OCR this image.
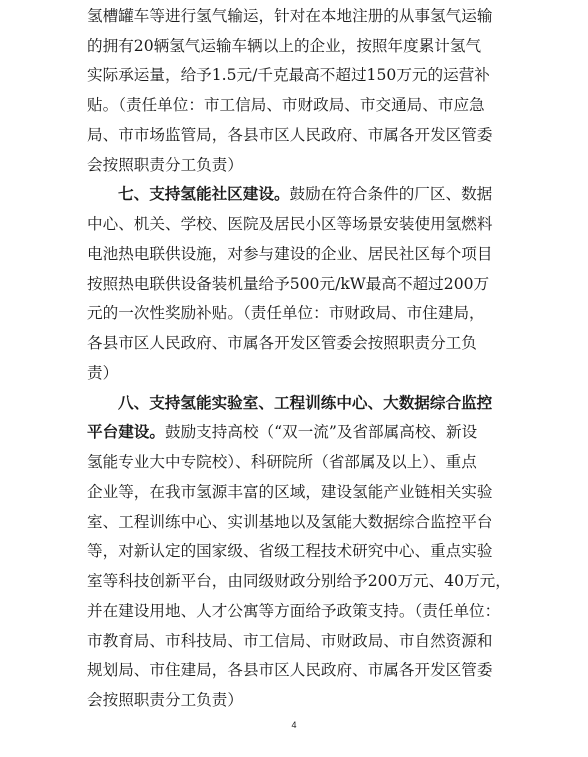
氢槽罐车等进行氢气输运，针对在本地注册的从事氢气运输
的拥有20辆氢气运输车辆以上的企业，按照年度累计氢气
实际承运量，给予1.5元/千克最高不超过150万元的运营补
贴。（责任单位：市工信局、市财政局、市交通局、市应急
局、市市场监管局，各县市区人民政府、市属各开发区管委
会按照职责分工负责）
七、支持氢能社区建设。鼓励在符合条件的厂区、数据
中心、机关、学校、医院及居民小区等场景安装使用氢燃料
电池热电联供设施，对参与建设的企业、居民社区每个项目
按照热电联供设备装机量给予500元/kW最高不超过200万
元的一次性奖励补贴。（责任单位：市财政局、市住建局，
各县市区人民政府、市属各开发区管委会按照职责分工负
责）
八、支持氢能实验室、工程训练中心、大数据综合监控
平台建设。鼓励支持高校（“双一流”及省部属高校、新设
氢能专业大中专院校）、科研院所（省部属及以上）、重点
企业等，在我市氢源丰富的区域，建设氢能产业链相关实验
室、工程训练中心、实训基地以及氢能大数据综合监控平台
等，对新认定的国家级、省级工程技术研究中心、重点实验
室等科技创新平台，由同级财政分别给予200万元、40万元，
并在建设用地、人才公寓等方面给予政策支持。（责任单位：
市教育局、市科技局、市工信局、市财政局、市自然资源和
规划局、市住建局，各县市区人民政府、市属各开发区管委
会按照职责分工负责）
4
